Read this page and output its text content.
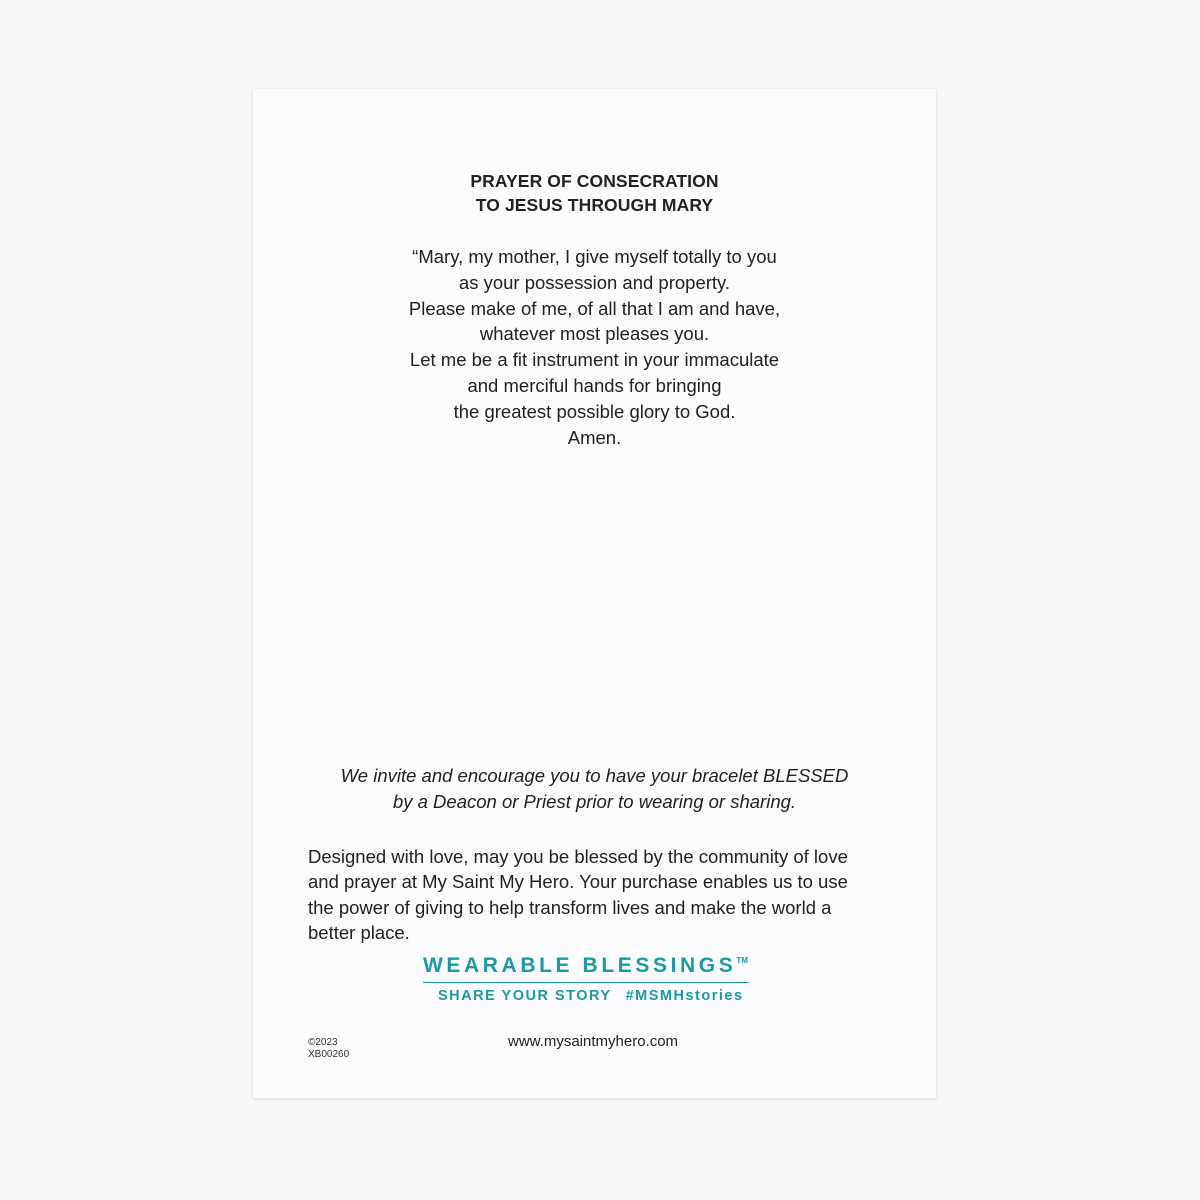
PRAYER OF CONSECRATION
TO JESUS THROUGH MARY
“Mary, my mother, I give myself totally to you
as your possession and property.
Please make of me, of all that I am and have,
whatever most pleases you.
Let me be a fit instrument in your immaculate
and merciful hands for bringing
the greatest possible glory to God.
Amen.
We invite and encourage you to have your bracelet BLESSED
by a Deacon or Priest prior to wearing or sharing.
Designed with love, may you be blessed by the community of love
and prayer at My Saint My Hero. Your purchase enables us to use
the power of giving to help transform lives and make the world a
better place.
WEARABLE BLESSINGS™
SHARE YOUR STORY #MSMHstories
©2023
XB00260
www.mysaintmyhero.com
